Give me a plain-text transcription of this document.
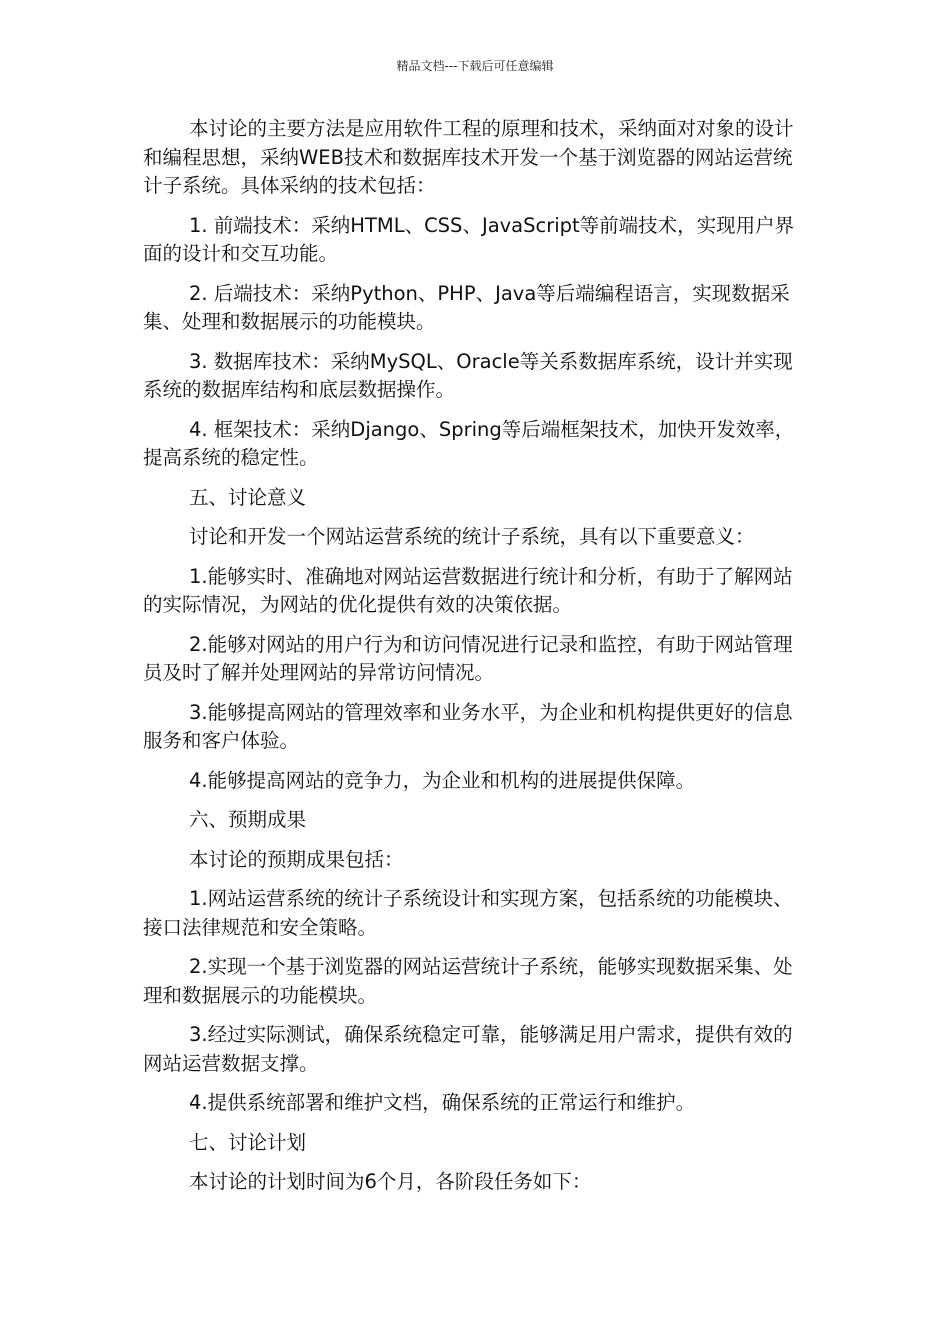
精品文档---下载后可任意编辑

本讨论的主要方法是应用软件工程的原理和技术，采纳面对对象的设计和编程思想，采纳WEB技术和数据库技术开发一个基于浏览器的网站运营统计子系统。具体采纳的技术包括：

1. 前端技术：采纳HTML、CSS、JavaScript等前端技术，实现用户界面的设计和交互功能。

2. 后端技术：采纳Python、PHP、Java等后端编程语言，实现数据采集、处理和数据展示的功能模块。

3. 数据库技术：采纳MySQL、Oracle等关系数据库系统，设计并实现系统的数据库结构和底层数据操作。

4. 框架技术：采纳Django、Spring等后端框架技术，加快开发效率，提高系统的稳定性。

五、讨论意义

讨论和开发一个网站运营系统的统计子系统，具有以下重要意义：

1.能够实时、准确地对网站运营数据进行统计和分析，有助于了解网站的实际情况，为网站的优化提供有效的决策依据。

2.能够对网站的用户行为和访问情况进行记录和监控，有助于网站管理员及时了解并处理网站的异常访问情况。

3.能够提高网站的管理效率和业务水平，为企业和机构提供更好的信息服务和客户体验。

4.能够提高网站的竞争力，为企业和机构的进展提供保障。

六、预期成果

本讨论的预期成果包括：

1.网站运营系统的统计子系统设计和实现方案，包括系统的功能模块、接口法律规范和安全策略。

2.实现一个基于浏览器的网站运营统计子系统，能够实现数据采集、处理和数据展示的功能模块。

3.经过实际测试，确保系统稳定可靠，能够满足用户需求，提供有效的网站运营数据支撑。

4.提供系统部署和维护文档，确保系统的正常运行和维护。

七、讨论计划

本讨论的计划时间为6个月，各阶段任务如下：
